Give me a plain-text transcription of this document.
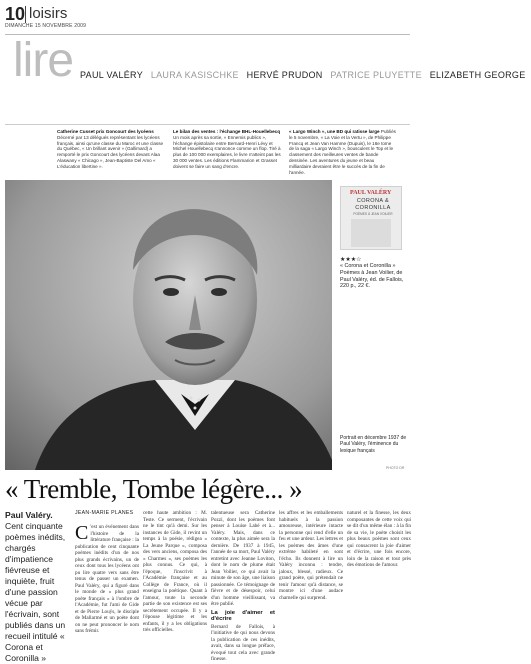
10 loisirs
DIMANCHE 15 NOVEMBRE 2009
lire PAUL VALÉRY LAURA KASISCHKE HERVÉ PRUDON PATRICE PLUYETTE ELIZABETH GEORGE
Catherine Cusset prix Goncourt des lycéens Décerné par 13 délégués représentant les lycéens français, ainsi qu'une classe du Maroc et une classe du Québec, « Un brillant avenir » (Gallimard) a remporté le prix Goncourt des lycéens devant Alaa Alaswany « Chicago », Jean-Baptiste Del Amo « L'éducation libertine ».
Le bilan des ventes : l'échange BHL-Houellebecq Un mois après sa sortie, « Ennemis publics », l'échange épistolaire entre Bernard-Henri Lévy et Michel Houellebecq s'annonce comme un flop. Tiré à plus de 100 000 exemplaires, le livre n'atteint pas les 30 000 ventes. Les éditions Flammarion et Grasset doivent se faire un sang d'encre.
« Largo Winch », une BD qui ratisse large Publiés le 5 novembre, « La Voie et la Vertu », de Philippe Francq et Jean Van Hamme (Dupuis), le 16e tome de la saga « Largo Winch », bousculent le Top et le classement des meilleures ventes de bande dessinée. Les aventures du jeune et beau milliardaire devraient être le succès de la fin de l'année.
PAUL VALÉRY
CORONA & CORONILLA
POÈMES À JEAN VOILIER
★★★☆
« Corona et Coronilla » Poèmes à Jean Voilier, de Paul Valéry, éd. de Fallois, 220 p., 22 €.
Portrait en décembre 1937 de Paul Valéry, l'éminence du lexique français
PHOTO DR
« Tremble, Tombe légère... »
Paul Valéry. Cent cinquante poèmes inédits, chargés d'impatience fiévreuse et inquiète, fruit d'une passion vécue par l'écrivain, sont publiés dans un recueil intitulé « Corona et Coronilla »
JEAN-MARIE PLANES
C 'est un événement dans l'histoire de la littérature française : la publication de cent cinquante poèmes inédits d'un de nos plus grands écrivains, un de ceux dont tous les lycéens ont pu lire quatre vers sans être tenus de passer un examen. Paul Valéry, qui a figuré dans le monde de « plus grand poète français » à l'ombre de l'Académie, fut l'ami de Gide et de Pierre Louÿs, le disciple de Mallarmé et un poète dont on ne peut prononcer le nom sans frémir.
cette haute ambition : M. Teste. Ce serment, l'écrivain ne le tint qu'à demi. Sur les instances de Gide, il revint un temps à la poésie, rédigea « La Jeune Parque », composa des vers anciens, composa des « Charmes », ses poèmes les plus connus. Ce qui, à l'époque, l'inscrivit à l'Académie française et au Collège de France, où il enseigna la poétique. Quant à l'amour, toute la seconde partie de son existence est ses secrètement occupée. Il y a l'épouse légitime et les enfants, il y a les obligations très officielles.
talentueuse sera Catherine Pozzi, dont les poèmes font penser à Louise Labé et à... Valéry. Mais, dans ce contexte, la plus aimée sera la dernière. De 1937 à 1945, l'année de sa mort, Paul Valéry entretint avec Jeanne Loviton, dont le nom de plume était Jean Voilier, ce qui avait la minute de son âge, une liaison passionnée. Ce témoignage de fièvre et de désespoir, celui d'un homme vieillissant, va être publié.
La joie d'aimer et d'écrire
Bernard de Fallois, à l'initiative de qui nous devons la publication de ces inédits, avait, dans sa longue préface, évoqué tout cela avec grande finesse.
les affres et les emballements habituels à la passion amoureuse, intérieure intacte la personne qui rend d'elle un feu et une ardeur. Les lettres et les poèmes des âmes d'une extrême habileté en sont l'écho. Ils donnent à lire un Valéry inconnu : tendre, jaloux, blessé, radieux. Ce grand poète, qui prétendait ne tenir l'amour qu'à distance, se montre ici d'une audace charnelle qui surprend.
naturel et la finesse, les deux composantes de cette voix qui se dit d'un même élan : à la fin de sa vie, le poète choisit les plus beaux poèmes sont ceux qui consacrent la joie d'aimer et d'écrire, une fois encore, loin de la raison et tout près des émotions de l'amour.
